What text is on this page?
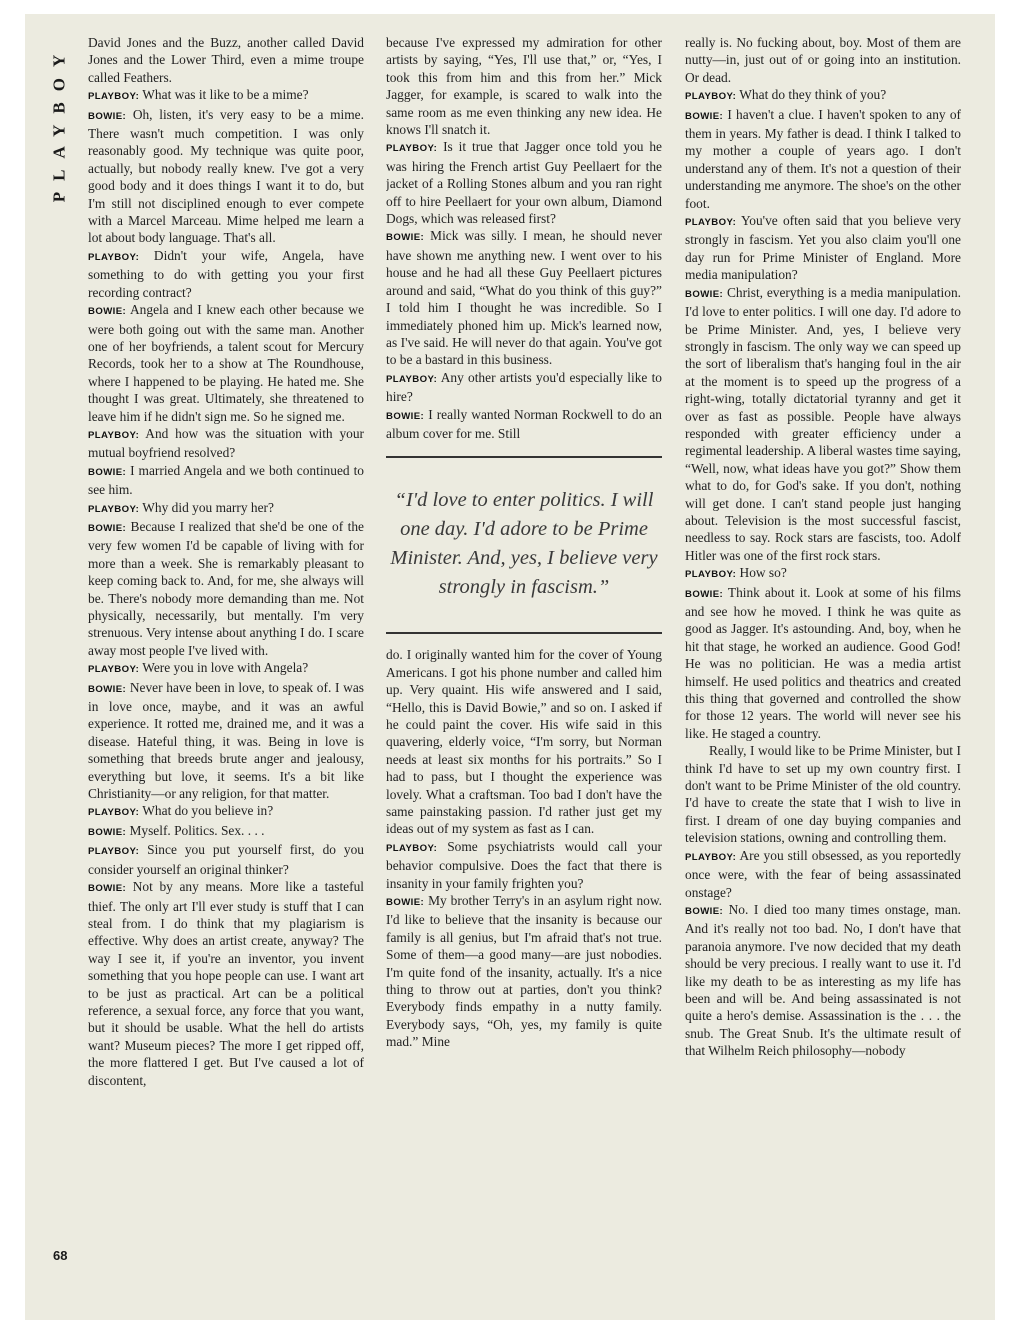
PLAYBOY
68

David Jones and the Buzz, another called David Jones and the Lower Third, even a mime troupe called Feathers.

PLAYBOY: What was it like to be a mime?

BOWIE: Oh, listen, it's very easy to be a mime. There wasn't much competition. I was only reasonably good. My technique was quite poor, actually, but nobody really knew. I've got a very good body and it does things I want it to do, but I'm still not disciplined enough to ever compete with a Marcel Marceau. Mime helped me learn a lot about body language. That's all.

PLAYBOY: Didn't your wife, Angela, have something to do with getting you your first recording contract?

BOWIE: Angela and I knew each other because we were both going out with the same man. Another one of her boyfriends, a talent scout for Mercury Records, took her to a show at The Roundhouse, where I happened to be playing. He hated me. She thought I was great. Ultimately, she threatened to leave him if he didn't sign me. So he signed me.

PLAYBOY: And how was the situation with your mutual boyfriend resolved?

BOWIE: I married Angela and we both continued to see him.

PLAYBOY: Why did you marry her?

BOWIE: Because I realized that she'd be one of the very few women I'd be capable of living with for more than a week. She is remarkably pleasant to keep coming back to. And, for me, she always will be. There's nobody more demanding than me. Not physically, necessarily, but mentally. I'm very strenuous. Very intense about anything I do. I scare away most people I've lived with.

PLAYBOY: Were you in love with Angela?

BOWIE: Never have been in love, to speak of. I was in love once, maybe, and it was an awful experience. It rotted me, drained me, and it was a disease. Hateful thing, it was. Being in love is something that breeds brute anger and jealousy, everything but love, it seems. It's a bit like Christianity—or any religion, for that matter.

PLAYBOY: What do you believe in?

BOWIE: Myself. Politics. Sex. . . .

PLAYBOY: Since you put yourself first, do you consider yourself an original thinker?

BOWIE: Not by any means. More like a tasteful thief. The only art I'll ever study is stuff that I can steal from. I do think that my plagiarism is effective. Why does an artist create, anyway? The way I see it, if you're an inventor, you invent something that you hope people can use. I want art to be just as practical. Art can be a political reference, a sexual force, any force that you want, but it should be usable. What the hell do artists want? Museum pieces? The more I get ripped off, the more flattered I get. But I've caused a lot of discontent,

because I've expressed my admiration for other artists by saying, “Yes, I'll use that,” or, “Yes, I took this from him and this from her.” Mick Jagger, for example, is scared to walk into the same room as me even thinking any new idea. He knows I'll snatch it.

PLAYBOY: Is it true that Jagger once told you he was hiring the French artist Guy Peellaert for the jacket of a Rolling Stones album and you ran right off to hire Peellaert for your own album, Diamond Dogs, which was released first?

BOWIE: Mick was silly. I mean, he should never have shown me anything new. I went over to his house and he had all these Guy Peellaert pictures around and said, “What do you think of this guy?” I told him I thought he was incredible. So I immediately phoned him up. Mick's learned now, as I've said. He will never do that again. You've got to be a bastard in this business.

PLAYBOY: Any other artists you'd especially like to hire?

BOWIE: I really wanted Norman Rockwell to do an album cover for me. Still

“I'd love to enter politics. I will one day. I'd adore to be Prime Minister. And, yes, I believe very strongly in fascism.”

do. I originally wanted him for the cover of Young Americans. I got his phone number and called him up. Very quaint. His wife answered and I said, “Hello, this is David Bowie,” and so on. I asked if he could paint the cover. His wife said in this quavering, elderly voice, “I'm sorry, but Norman needs at least six months for his portraits.” So I had to pass, but I thought the experience was lovely. What a craftsman. Too bad I don't have the same painstaking passion. I'd rather just get my ideas out of my system as fast as I can.

PLAYBOY: Some psychiatrists would call your behavior compulsive. Does the fact that there is insanity in your family frighten you?

BOWIE: My brother Terry's in an asylum right now. I'd like to believe that the insanity is because our family is all genius, but I'm afraid that's not true. Some of them—a good many—are just nobodies. I'm quite fond of the insanity, actually. It's a nice thing to throw out at parties, don't you think? Everybody finds empathy in a nutty family. Everybody says, “Oh, yes, my family is quite mad.” Mine

really is. No fucking about, boy. Most of them are nutty—in, just out of or going into an institution. Or dead.

PLAYBOY: What do they think of you?

BOWIE: I haven't a clue. I haven't spoken to any of them in years. My father is dead. I think I talked to my mother a couple of years ago. I don't understand any of them. It's not a question of their understanding me anymore. The shoe's on the other foot.

PLAYBOY: You've often said that you believe very strongly in fascism. Yet you also claim you'll one day run for Prime Minister of England. More media manipulation?

BOWIE: Christ, everything is a media manipulation. I'd love to enter politics. I will one day. I'd adore to be Prime Minister. And, yes, I believe very strongly in fascism. The only way we can speed up the sort of liberalism that's hanging foul in the air at the moment is to speed up the progress of a right-wing, totally dictatorial tyranny and get it over as fast as possible. People have always responded with greater efficiency under a regimental leadership. A liberal wastes time saying, “Well, now, what ideas have you got?” Show them what to do, for God's sake. If you don't, nothing will get done. I can't stand people just hanging about. Television is the most successful fascist, needless to say. Rock stars are fascists, too. Adolf Hitler was one of the first rock stars.

PLAYBOY: How so?

BOWIE: Think about it. Look at some of his films and see how he moved. I think he was quite as good as Jagger. It's astounding. And, boy, when he hit that stage, he worked an audience. Good God! He was no politician. He was a media artist himself. He used politics and theatrics and created this thing that governed and controlled the show for those 12 years. The world will never see his like. He staged a country.

Really, I would like to be Prime Minister, but I think I'd have to set up my own country first. I don't want to be Prime Minister of the old country. I'd have to create the state that I wish to live in first. I dream of one day buying companies and television stations, owning and controlling them.

PLAYBOY: Are you still obsessed, as you reportedly once were, with the fear of being assassinated onstage?

BOWIE: No. I died too many times onstage, man. And it's really not too bad. No, I don't have that paranoia anymore. I've now decided that my death should be very precious. I really want to use it. I'd like my death to be as interesting as my life has been and will be. And being assassinated is not quite a hero's demise. Assassination is the . . . the snub. The Great Snub. It's the ultimate result of that Wilhelm Reich philosophy—nobody
